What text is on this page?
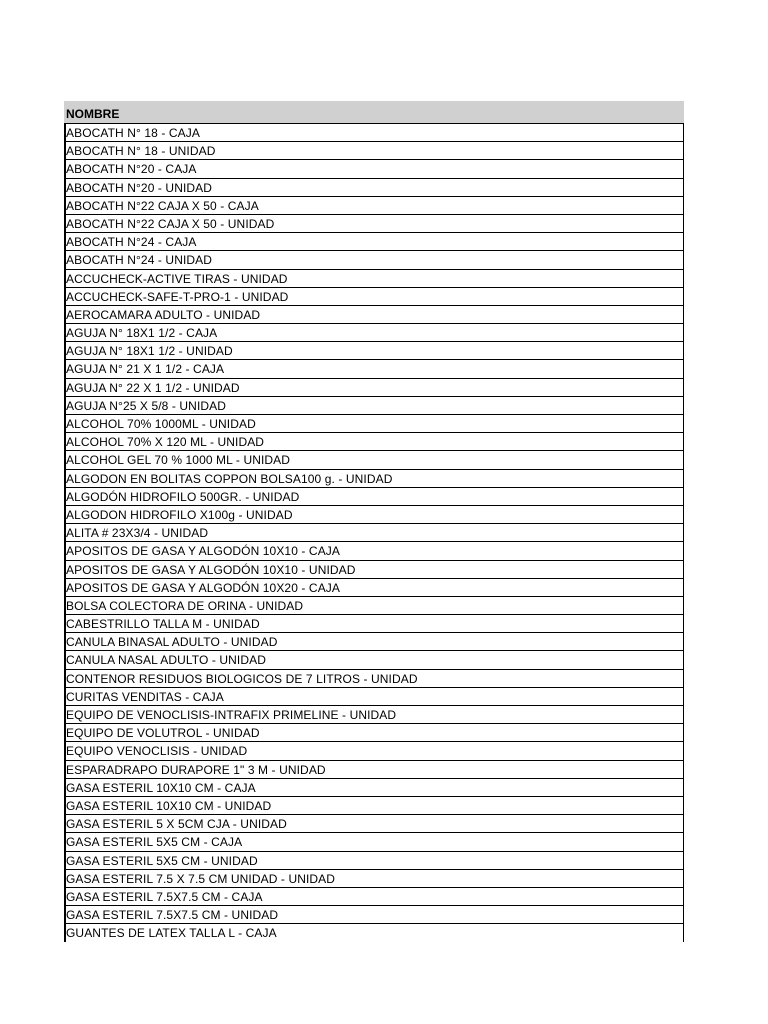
NOMBRE
ABOCATH N° 18 - CAJA
ABOCATH N° 18 - UNIDAD
ABOCATH N°20 - CAJA
ABOCATH N°20 - UNIDAD
ABOCATH N°22 CAJA X 50 - CAJA
ABOCATH N°22 CAJA X 50 - UNIDAD
ABOCATH N°24 - CAJA
ABOCATH N°24 - UNIDAD
ACCUCHECK-ACTIVE TIRAS - UNIDAD
ACCUCHECK-SAFE-T-PRO-1 - UNIDAD
AEROCAMARA ADULTO - UNIDAD
AGUJA N° 18X1 1/2 - CAJA
AGUJA N° 18X1 1/2 - UNIDAD
AGUJA N° 21 X 1 1/2 - CAJA
AGUJA N° 22 X 1 1/2 - UNIDAD
AGUJA N°25 X 5/8 - UNIDAD
ALCOHOL 70% 1000ML - UNIDAD
ALCOHOL 70% X 120 ML - UNIDAD
ALCOHOL GEL 70 % 1000 ML - UNIDAD
ALGODON EN BOLITAS COPPON BOLSA100 g. - UNIDAD
ALGODÓN HIDROFILO 500GR. - UNIDAD
ALGODON HIDROFILO X100g - UNIDAD
ALITA # 23X3/4 - UNIDAD
APOSITOS DE GASA Y ALGODÓN 10X10 - CAJA
APOSITOS DE GASA Y ALGODÓN 10X10 - UNIDAD
APOSITOS DE GASA Y ALGODÓN 10X20 - CAJA
BOLSA COLECTORA DE ORINA - UNIDAD
CABESTRILLO TALLA M - UNIDAD
CANULA BINASAL ADULTO - UNIDAD
CANULA NASAL ADULTO - UNIDAD
CONTENOR RESIDUOS BIOLOGICOS DE 7 LITROS - UNIDAD
CURITAS VENDITAS - CAJA
EQUIPO DE VENOCLISIS-INTRAFIX PRIMELINE - UNIDAD
EQUIPO DE VOLUTROL - UNIDAD
EQUIPO VENOCLISIS - UNIDAD
ESPARADRAPO DURAPORE 1" 3 M - UNIDAD
GASA ESTERIL 10X10 CM - CAJA
GASA ESTERIL 10X10 CM - UNIDAD
GASA ESTERIL 5 X 5CM CJA - UNIDAD
GASA ESTERIL 5X5 CM - CAJA
GASA ESTERIL 5X5 CM - UNIDAD
GASA ESTERIL 7.5 X 7.5 CM UNIDAD - UNIDAD
GASA ESTERIL 7.5X7.5 CM - CAJA
GASA ESTERIL 7.5X7.5 CM - UNIDAD
GUANTES DE LATEX TALLA L - CAJA
